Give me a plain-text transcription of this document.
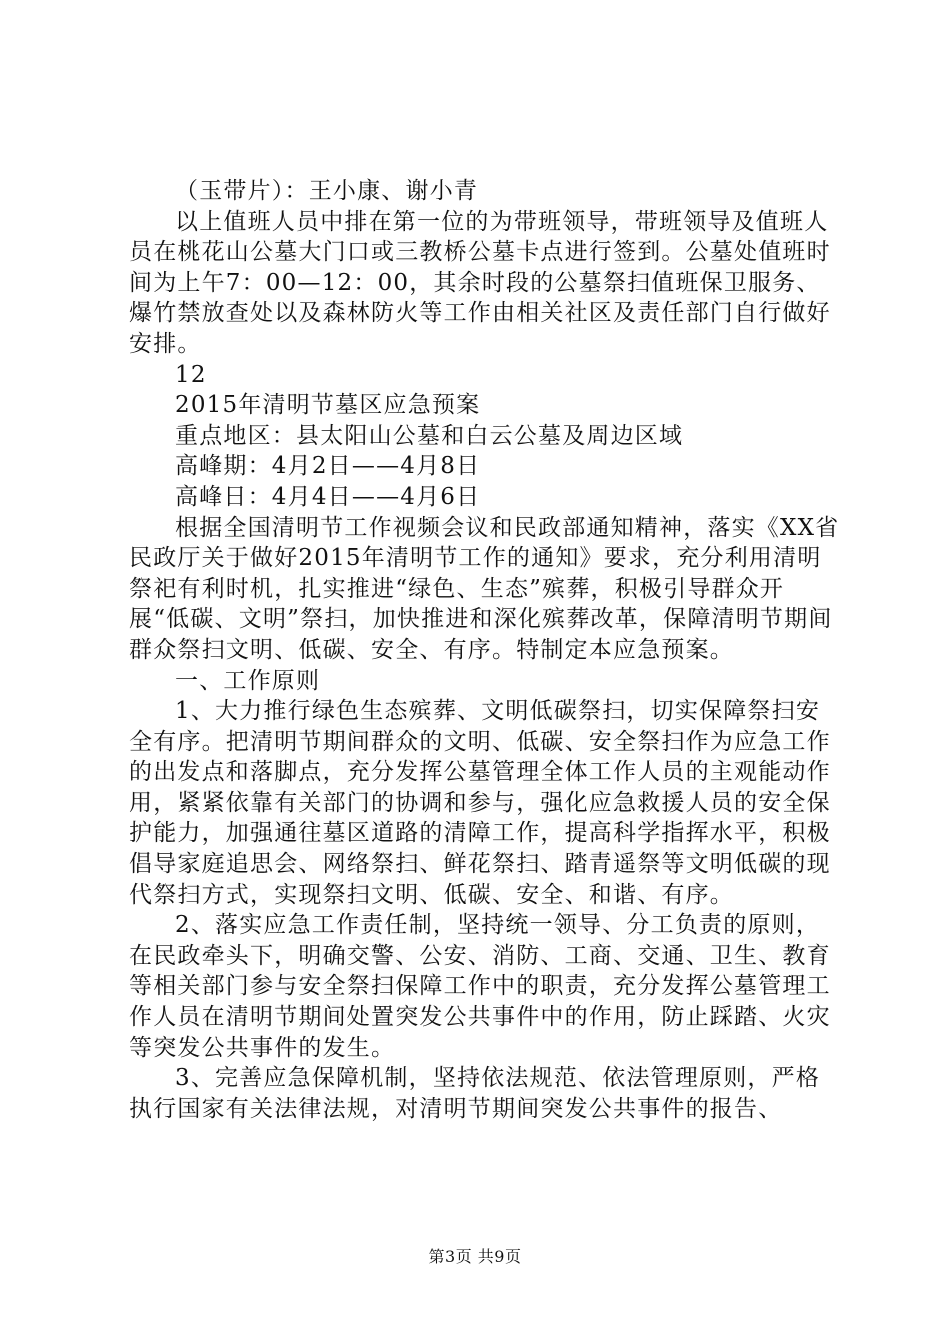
（玉带片）：王小康、谢小青

以上值班人员中排在第一位的为带班领导，带班领导及值班人员在桃花山公墓大门口或三教桥公墓卡点进行签到。公墓处值班时间为上午7：00—12：00，其余时段的公墓祭扫值班保卫服务、爆竹禁放查处以及森林防火等工作由相关社区及责任部门自行做好安排。

12

2015年清明节墓区应急预案

重点地区：县太阳山公墓和白云公墓及周边区域

高峰期：4月2日——4月8日

高峰日：4月4日——4月6日

根据全国清明节工作视频会议和民政部通知精神，落实《XX省民政厅关于做好2015年清明节工作的通知》要求，充分利用清明祭祀有利时机，扎实推进“绿色、生态”殡葬，积极引导群众开展“低碳、文明”祭扫，加快推进和深化殡葬改革，保障清明节期间群众祭扫文明、低碳、安全、有序。特制定本应急预案。

一、工作原则

1、大力推行绿色生态殡葬、文明低碳祭扫，切实保障祭扫安全有序。把清明节期间群众的文明、低碳、安全祭扫作为应急工作的出发点和落脚点，充分发挥公墓管理全体工作人员的主观能动作用，紧紧依靠有关部门的协调和参与，强化应急救援人员的安全保护能力，加强通往墓区道路的清障工作，提高科学指挥水平，积极倡导家庭追思会、网络祭扫、鲜花祭扫、踏青遥祭等文明低碳的现代祭扫方式，实现祭扫文明、低碳、安全、和谐、有序。

2、落实应急工作责任制，坚持统一领导、分工负责的原则，在民政牵头下，明确交警、公安、消防、工商、交通、卫生、教育等相关部门参与安全祭扫保障工作中的职责，充分发挥公墓管理工作人员在清明节期间处置突发公共事件中的作用，防止踩踏、火灾等突发公共事件的发生。

3、完善应急保障机制，坚持依法规范、依法管理原则，严格执行国家有关法律法规，对清明节期间突发公共事件的报告、

第3页 共9页
